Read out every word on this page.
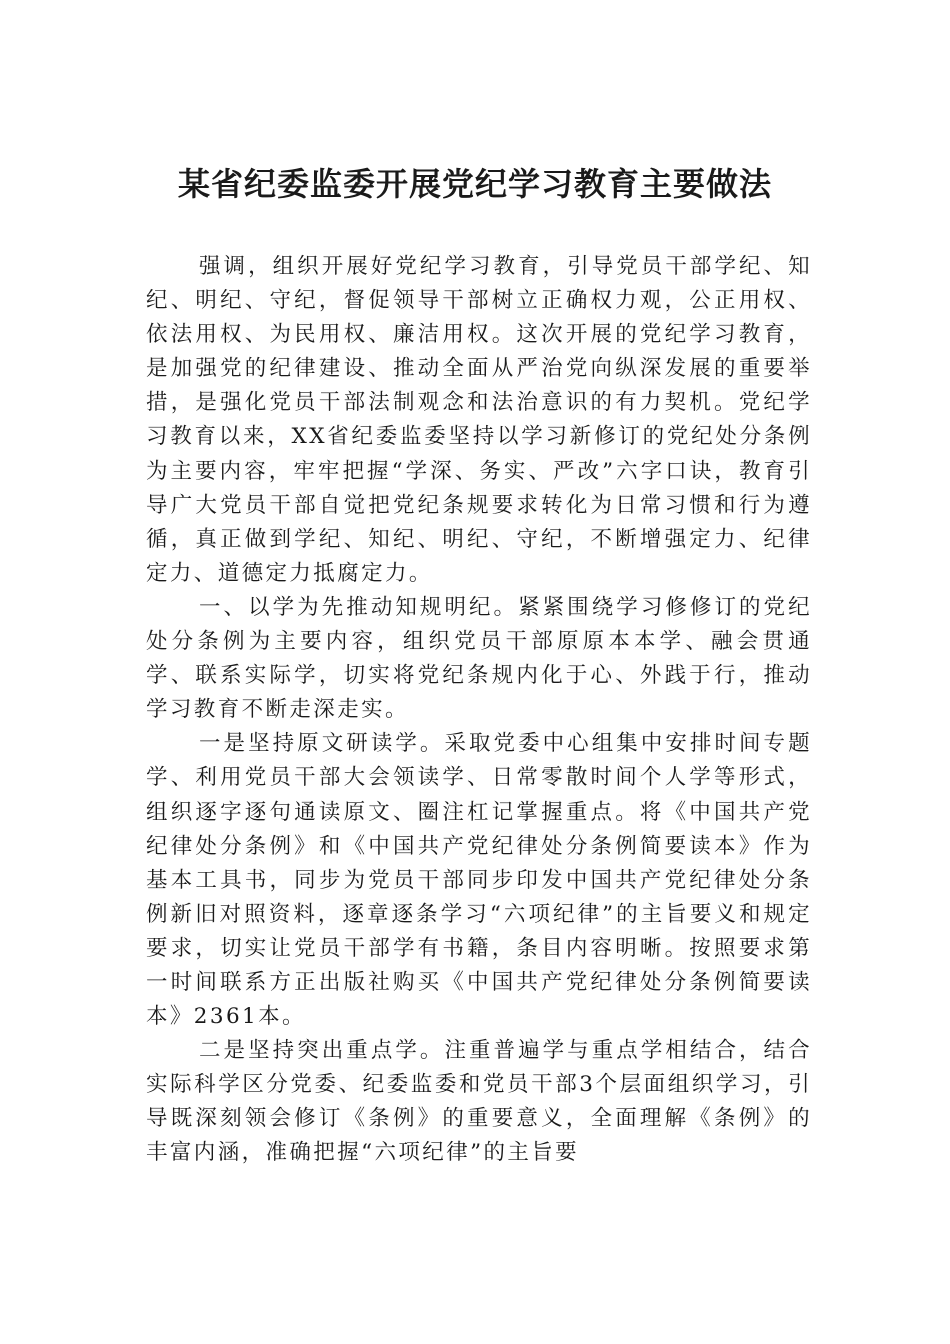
某省纪委监委开展党纪学习教育主要做法

强调，组织开展好党纪学习教育，引导党员干部学纪、知纪、明纪、守纪，督促领导干部树立正确权力观，公正用权、依法用权、为民用权、廉洁用权。这次开展的党纪学习教育，是加强党的纪律建设、推动全面从严治党向纵深发展的重要举措，是强化党员干部法制观念和法治意识的有力契机。党纪学习教育以来，XX省纪委监委坚持以学习新修订的党纪处分条例为主要内容，牢牢把握“学深、务实、严改”六字口诀，教育引导广大党员干部自觉把党纪条规要求转化为日常习惯和行为遵循，真正做到学纪、知纪、明纪、守纪，不断增强定力、纪律定力、道德定力抵腐定力。

一、以学为先推动知规明纪。紧紧围绕学习修修订的党纪处分条例为主要内容，组织党员干部原原本本学、融会贯通学、联系实际学，切实将党纪条规内化于心、外践于行，推动学习教育不断走深走实。

一是坚持原文研读学。采取党委中心组集中安排时间专题学、利用党员干部大会领读学、日常零散时间个人学等形式，组织逐字逐句通读原文、圈注杠记掌握重点。将《中国共产党纪律处分条例》和《中国共产党纪律处分条例简要读本》作为基本工具书，同步为党员干部同步印发中国共产党纪律处分条例新旧对照资料，逐章逐条学习“六项纪律”的主旨要义和规定要求，切实让党员干部学有书籍，条目内容明晰。按照要求第一时间联系方正出版社购买《中国共产党纪律处分条例简要读本》2361本。

二是坚持突出重点学。注重普遍学与重点学相结合，结合实际科学区分党委、纪委监委和党员干部3个层面组织学习，引导既深刻领会修订《条例》的重要意义，全面理解《条例》的丰富内涵，准确把握“六项纪律”的主旨要
